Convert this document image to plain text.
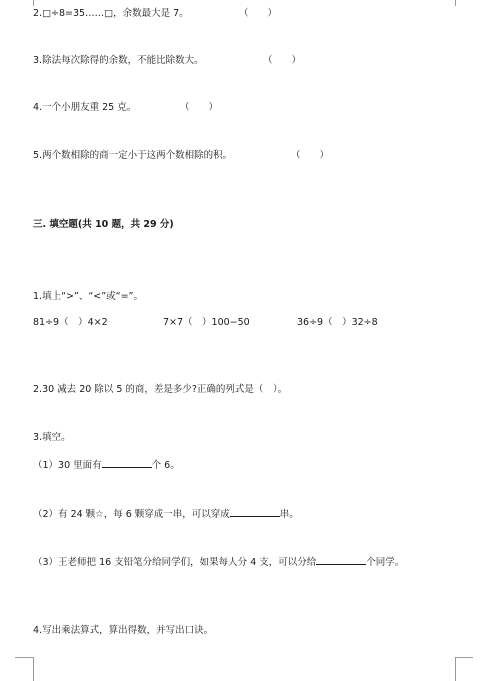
2.□÷8=35……□，余数最大是 7。	（　　）
3.除法每次除得的余数，不能比除数大。	（　　）
4.一个小朋友重 25 克。	（　　）
5.两个数相除的商一定小于这两个数相除的积。	（　　）
三. 填空题(共 10 题，共 29 分)
1.填上“>”、“<”或“=”。
81÷9（　）4×2	7×7（　）100−50	36÷9（　）32÷8
2.30 减去 20 除以 5 的商，差是多少?正确的列式是（　）。
3.填空。
（1）30 里面有	个 6。
（2）有 24 颗☆，每 6 颗穿成一串，可以穿成	串。
（3）王老师把 16 支铅笔分给同学们，如果每人分 4 支，可以分给	个同学。
4.写出乘法算式，算出得数，并写出口诀。
